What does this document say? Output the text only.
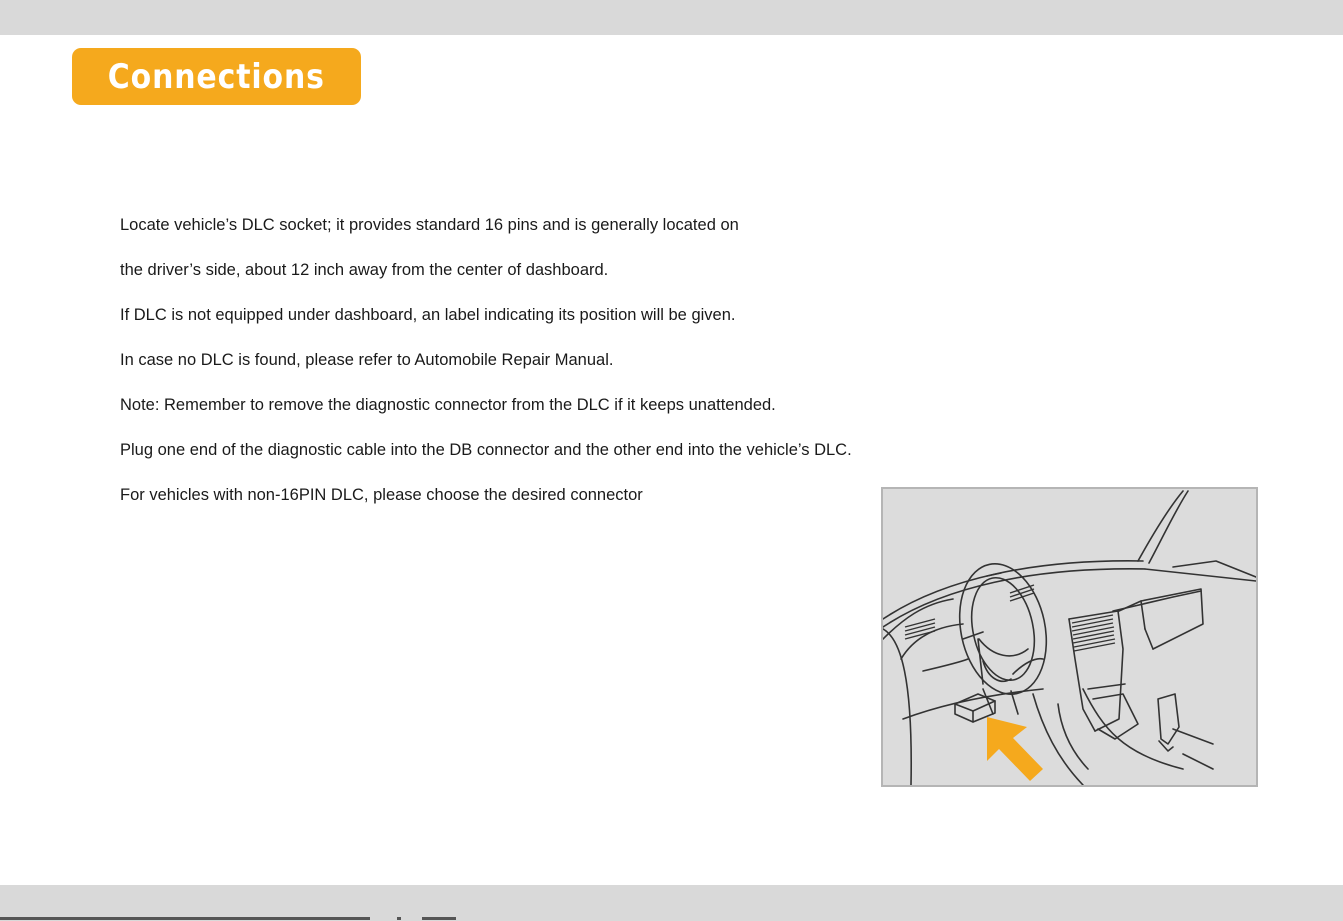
Connections
Locate vehicle’s DLC socket; it provides standard 16 pins and is generally located on
the driver’s side, about 12 inch away from the center of dashboard.
If DLC is not equipped under dashboard, an label indicating its position will be given.
In case no DLC is found, please refer to Automobile Repair Manual.
Note: Remember to remove the diagnostic connector from the DLC if it keeps unattended.
Plug one end of the diagnostic cable into the DB connector and the other end into the vehicle’s DLC.
For vehicles with non-16PIN DLC, please choose the desired connector
